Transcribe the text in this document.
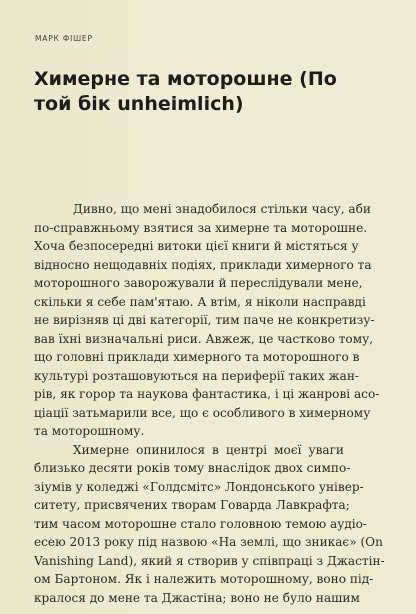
МАРК ФІШЕР
Химерне та моторошне (По
той бік unheimlich)
Дивно, що мені знадобилося стільки часу, аби
по-справжньому взятися за химерне та моторошне.
Хоча безпосередні витоки цієї книги й містяться у
відносно нещодавніх подіях, приклади химерного та
моторошного заворожували й переслідували мене,
скільки я себе пам'ятаю. А втім, я ніколи насправді
не вирізняв ці дві категорії, тим паче не конкретизу-
вав їхні визначальні риси. Авжеж, це частково тому,
що головні приклади химерного та моторошного в
культурі розташовуються на периферії таких жан-
рів, як горор та наукова фантастика, і ці жанрові асо-
ціації затьмарили все, що є особливого в химерному
та моторошному.
Химерне опинилося в центрі моєї уваги
близько десяти років тому внаслідок двох симпо-
зіумів у коледжі «Голдсмітс» Лондонського універ-
ситету, присвячених творам Говарда Лавкрафта;
тим часом моторошне стало головною темою аудіо-
есею 2013 року під назвою «На землі, що зникає» (On
Vanishing Land), який я створив у співпраці з Джастін-
ом Бартоном. Як і належить моторошному, воно під-
кралося до мене та Джастіна; воно не було нашим
